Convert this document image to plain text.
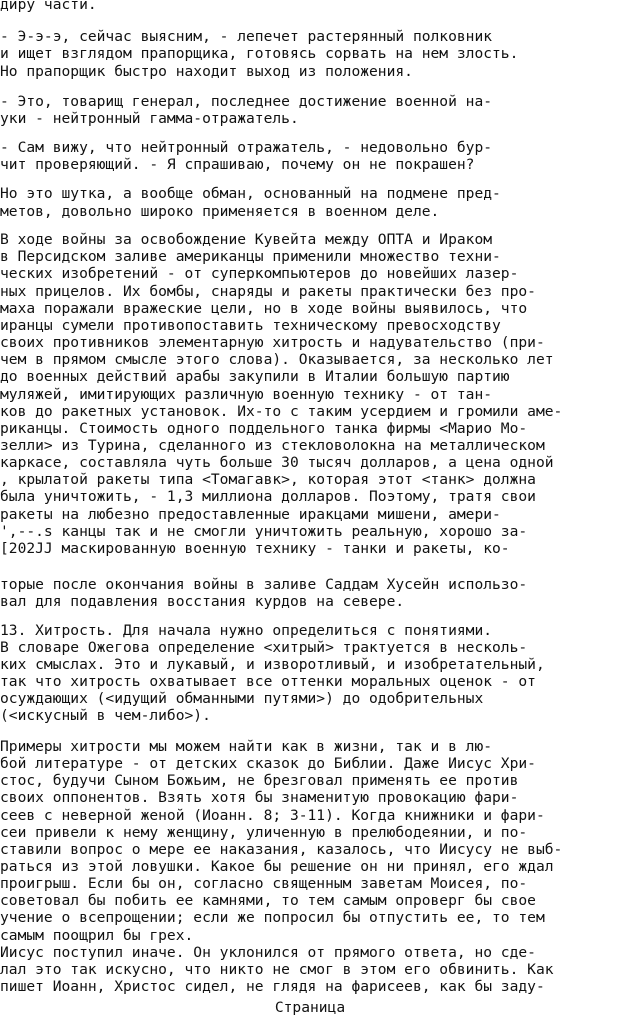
диру части.
- Э-э-э, сейчас выясним, - лепечет растерянный полковник
и ищет взглядом прапорщика, готовясь сорвать на нем злость.
Но прапорщик быстро находит выход из положения.
- Это, товарищ генерал, последнее достижение военной на-
уки - нейтронный гамма-отражатель.
- Сам вижу, что нейтронный отражатель, - недовольно бур-
чит проверяющий. - Я спрашиваю, почему он не покрашен?
Но это шутка, а вообще обман, основанный на подмене пред-
метов, довольно широко применяется в военном деле.
В ходе войны за освобождение Кувейта между ОПТА и Ираком
в Персидском заливе американцы применили множество техни-
ческих изобретений - от суперкомпьютеров до новейших лазер-
ных прицелов. Их бомбы, снаряды и ракеты практически без про-
маха поражали вражеские цели, но в ходе войны выявилось, что
иранцы сумели противопоставить техническому превосходству
своих противников элементарную хитрость и надувательство (при-
чем в прямом смысле этого слова). Оказывается, за несколько лет
до военных действий арабы закупили в Италии большую партию
муляжей, имитирующих различную военную технику - от тан-
ков до ракетных установок. Их-то с таким усердием и громили аме-
риканцы. Стоимость одного поддельного танка фирмы <Марио Мо-
зелли> из Турина, сделанного из стекловолокна на металлическом
каркасе, составляла чуть больше 30 тысяч долларов, а цена одной
, крылатой ракеты типа <Томагавк>, которая этот <танк> должна
была уничтожить, - 1,3 миллиона долларов. Поэтому, тратя свои
ракеты на любезно предоставленные иракцами мишени, амери-
',--.s канцы так и не смогли уничтожить реальную, хорошо за-
[202JJ маскированную военную технику - танки и ракеты, ко-
торые после окончания войны в заливе Саддам Хусейн использо-
вал для подавления восстания курдов на севере.
13. Хитрость. Для начала нужно определиться с понятиями.
В словаре Ожегова определение <хитрый> трактуется в несколь-
ких смыслах. Это и лукавый, и изворотливый, и изобретательный,
так что хитрость охватывает все оттенки моральных оценок - от
осуждающих (<идущий обманными путями>) до одобрительных
(<искусный в чем-либо>).
Примеры хитрости мы можем найти как в жизни, так и в лю-
бой литературе - от детских сказок до Библии. Даже Иисус Хри-
стос, будучи Сыном Божьим, не брезговал применять ее против
своих оппонентов. Взять хотя бы знаменитую провокацию фари-
сеев с неверной женой (Иоанн. 8; 3-11). Когда книжники и фари-
сеи привели к нему женщину, уличенную в прелюбодеянии, и по-
ставили вопрос о мере ее наказания, казалось, что Иисусу не выб-
раться из этой ловушки. Какое бы решение он ни принял, его ждал
проигрыш. Если бы он, согласно священным заветам Моисея, по-
советовал бы побить ее камнями, то тем самым опроверг бы свое
учение о всепрощении; если же попросил бы отпустить ее, то тем
самым поощрил бы грех.
Иисус поступил иначе. Он уклонился от прямого ответа, но сде-
лал это так искусно, что никто не смог в этом его обвинить. Как
пишет Иоанн, Христос сидел, не глядя на фарисеев, как бы заду-
Страница
